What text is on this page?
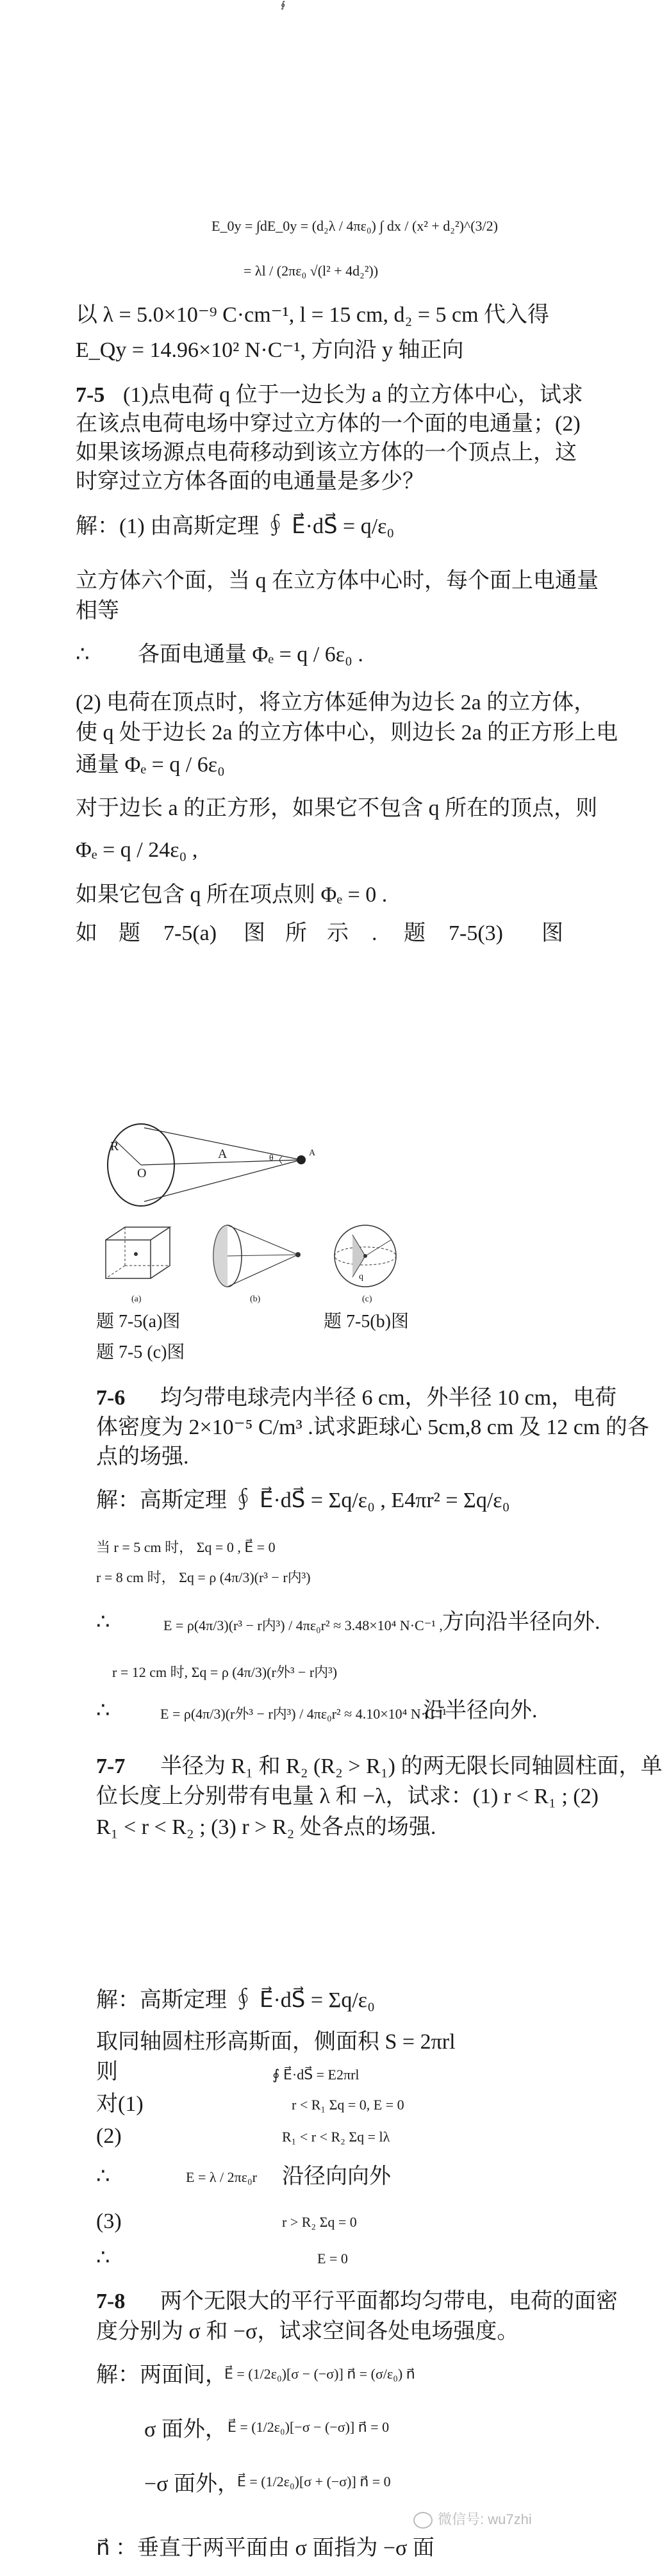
∮
E_0y = ∫dE_0y = (d₂λ / 4πε₀) ∫ dx / (x² + d₂²)^(3/2)
= λl / (2πε₀ √(l² + 4d₂²))
以 λ = 5.0×10⁻⁹ C·cm⁻¹, l = 15 cm, d₂ = 5 cm 代入得
E_Qy = 14.96×10² N·C⁻¹, 方向沿 y 轴正向
7-5 (1)点电荷 q 位于一边长为 a 的立方体中心，试求
在该点电荷电场中穿过立方体的一个面的电通量；(2)
如果该场源点电荷移动到该立方体的一个顶点上，这
时穿过立方体各面的电通量是多少？
解：(1) 由高斯定理 ∮ E⃗·dS⃗ = q/ε₀
立方体六个面，当 q 在立方体中心时，每个面上电通量
相等
∴ 各面电通量 Φₑ = q / 6ε₀ .
(2) 电荷在顶点时，将立方体延伸为边长 2a 的立方体，
使 q 处于边长 2a 的立方体中心，则边长 2a 的正方形上电
通量 Φₑ = q / 6ε₀
对于边长 a 的正方形，如果它不包含 q 所在的顶点，则
Φₑ = q / 24ε₀ ,
如果它包含 q 所在项点则 Φₑ = 0 .
如 题 7-5(a) 图 所 示 . 题 7-5(3) 图
A
R
O
θ
A
(a)	(b)	(c)
q
题 7-5(a)图	题 7-5(b)图
题 7-5 (c)图
7-6 均匀带电球壳内半径 6 cm，外半径 10 cm，电荷
体密度为 2×10⁻⁵ C/m³ .试求距球心 5cm,8 cm 及 12 cm 的各
点的场强.
解：高斯定理 ∮ E⃗·dS⃗ = Σq/ε₀ , E4πr² = Σq/ε₀
当 r = 5 cm 时， Σq = 0 , E⃗ = 0
r = 8 cm 时， Σq = ρ (4π/3)(r³ − r内³)
∴	E = ρ(4π/3)(r³ − r内³) / 4πε₀r² ≈ 3.48×10⁴ N·C⁻¹ , 方向沿半径向外.
r = 12 cm 时, Σq = ρ (4π/3)(r外³ − r内³)
∴	E = ρ(4π/3)(r外³ − r内³) / 4πε₀r² ≈ 4.10×10⁴ N·C⁻¹
沿半径向外.
7-7 半径为 R₁ 和 R₂ (R₂ > R₁) 的两无限长同轴圆柱面，单
位长度上分别带有电量 λ 和 −λ，试求：(1) r < R₁ ; (2)
R₁ < r < R₂ ; (3) r > R₂ 处各点的场强.
解：高斯定理 ∮ E⃗·dS⃗ = Σq/ε₀
取同轴圆柱形高斯面，侧面积 S = 2πrl
则	∮ E⃗·dS⃗ = E2πrl
对(1)	r < R₁ Σq = 0, E = 0
(2)	R₁ < r < R₂ Σq = lλ
∴	E = λ / 2πε₀r 沿径向向外
(3)	r > R₂ Σq = 0
∴	E = 0
7-8 两个无限大的平行平面都均匀带电，电荷的面密
度分别为 σ 和 −σ，试求空间各处电场强度。
解：两面间，
E⃗ = (1/2ε₀)[σ − (−σ)] n⃗ = (σ/ε₀) n⃗
σ 面外， E⃗ = (1/2ε₀)[−σ − (−σ)] n⃗ = 0
−σ 面外，
E⃗ = (1/2ε₀)[σ + (−σ)] n⃗ = 0
n⃗ ：垂直于两平面由 σ 面指为 −σ 面
微信号: wu7zhi
